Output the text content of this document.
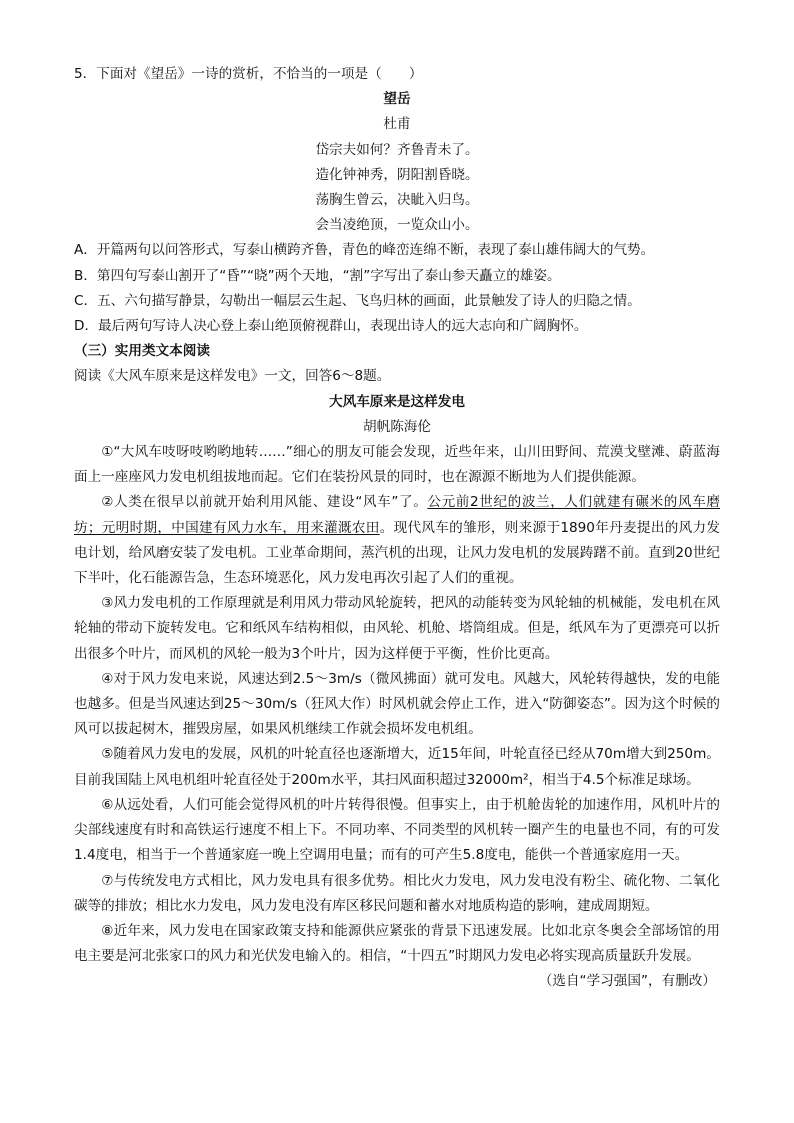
5．下面对《望岳》一诗的赏析，不恰当的一项是（　　）
望岳
杜甫
岱宗夫如何？齐鲁青未了。
造化钟神秀，阴阳割昏晓。
荡胸生曾云，决眦入归鸟。
会当凌绝顶，一览众山小。
A．开篇两句以问答形式，写泰山横跨齐鲁，青色的峰峦连绵不断，表现了泰山雄伟阔大的气势。
B．第四句写泰山割开了“昏”“晓”两个天地，“割”字写出了泰山参天矗立的雄姿。
C．五、六句描写静景，勾勒出一幅层云生起、飞鸟归林的画面，此景触发了诗人的归隐之情。
D．最后两句写诗人决心登上泰山绝顶俯视群山，表现出诗人的远大志向和广阔胸怀。
（三）实用类文本阅读
阅读《大风车原来是这样发电》一文，回答6～8题。
大风车原来是这样发电
胡帆陈海伦

①“大风车吱呀吱哟哟地转……”细心的朋友可能会发现，近些年来，山川田野间、荒漠戈壁滩、蔚蓝海面上一座座风力发电机组拔地而起。它们在装扮风景的同时，也在源源不断地为人们提供能源。

②人类在很早以前就开始利用风能、建设“风车”了。公元前2世纪的波兰，人们就建有碾米的风车磨坊；元明时期，中国建有风力水车，用来灌溉农田。现代风车的雏形，则来源于1890年丹麦提出的风力发电计划，给风磨安装了发电机。工业革命期间，蒸汽机的出现，让风力发电机的发展踌躇不前。直到20世纪下半叶，化石能源告急，生态环境恶化，风力发电再次引起了人们的重视。

③风力发电机的工作原理就是利用风力带动风轮旋转，把风的动能转变为风轮轴的机械能，发电机在风轮轴的带动下旋转发电。它和纸风车结构相似，由风轮、机舱、塔筒组成。但是，纸风车为了更漂亮可以折出很多个叶片，而风机的风轮一般为3个叶片，因为这样便于平衡，性价比更高。

④对于风力发电来说，风速达到2.5～3m/s（微风拂面）就可发电。风越大，风轮转得越快，发的电能也越多。但是当风速达到25～30m/s（狂风大作）时风机就会停止工作，进入“防御姿态”。因为这个时候的风可以拔起树木，摧毁房屋，如果风机继续工作就会损坏发电机组。

⑤随着风力发电的发展，风机的叶轮直径也逐渐增大，近15年间，叶轮直径已经从70m增大到250m。目前我国陆上风电机组叶轮直径处于200m水平，其扫风面积超过32000m²，相当于4.5个标准足球场。

⑥从远处看，人们可能会觉得风机的叶片转得很慢。但事实上，由于机舱齿轮的加速作用，风机叶片的尖部线速度有时和高铁运行速度不相上下。不同功率、不同类型的风机转一圈产生的电量也不同，有的可发1.4度电，相当于一个普通家庭一晚上空调用电量；而有的可产生5.8度电，能供一个普通家庭用一天。

⑦与传统发电方式相比，风力发电具有很多优势。相比火力发电，风力发电没有粉尘、硫化物、二氧化碳等的排放；相比水力发电，风力发电没有库区移民问题和蓄水对地质构造的影响，建成周期短。

⑧近年来，风力发电在国家政策支持和能源供应紧张的背景下迅速发展。比如北京冬奥会全部场馆的用电主要是河北张家口的风力和光伏发电输入的。相信，“十四五”时期风力发电必将实现高质量跃升发展。

（选自“学习强国”，有删改）
